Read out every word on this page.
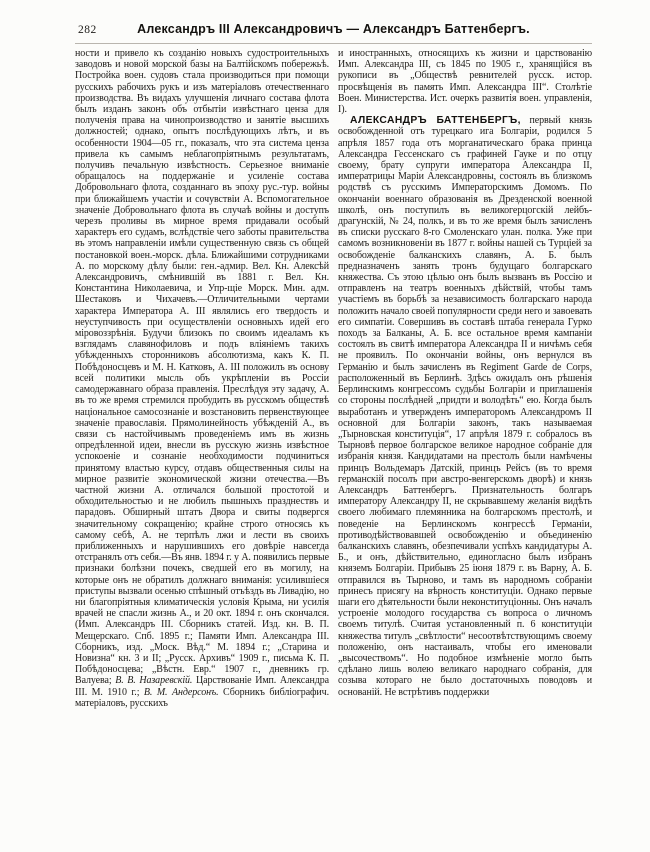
282	Александръ III Александровичъ — Александръ Баттенбергъ.

ности и привело къ созданію новыхъ судостроительныхъ заводовъ и новой морской базы на Балтійскомъ побережьѣ. Постройка воен. судовъ стала производиться при помощи русскихъ рабочихъ рукъ и изъ матеріаловъ отечественнаго производства. Въ видахъ улучшенія личнаго состава флота былъ изданъ законъ объ отбытіи извѣстнаго ценза для полученія права на чинопроизводство и занятіе высшихъ должностей; однако, опытъ послѣдующихъ лѣтъ, и въ особенности 1904—05 гг., показалъ, что эта система ценза привела къ самымъ неблагопріятнымъ результатамъ, получивъ печальную извѣстность. Серьезное вниманіе обращалось на поддержаніе и усиленіе состава Добровольнаго флота, созданнаго въ эпоху рус.-тур. войны при ближайшемъ участіи и сочувствіи А. Вспомогательное значеніе Добровольнаго флота въ случаѣ войны и доступъ черезъ проливы въ мирное время придавали особый характеръ его судамъ, вслѣдствіе чего заботы правительства въ этомъ направленіи имѣли существенную связь съ общей постановкой воен.-морск. дѣла. Ближайшими сотрудниками А. по морскому дѣлу были: ген.-адмир. Вел. Кн. Алексѣй Александровичъ, смѣнившій въ 1881 г. Вел. Кн. Константина Николаевича, и Упр-щіе Морск. Мин. адм. Шестаковъ и Чихачевъ.—Отличительными чертами характера Императора А. III являлись его твердость и неуступчивость при осуществленіи основныхъ идей его міровоззрѣнія. Будучи близокъ по своимъ идеаламъ къ взглядамъ славянофиловъ и подъ вліяніемъ такихъ убѣжденныхъ сторонниковъ абсолютизма, какъ К. П. Побѣдоносцевъ и М. Н. Катковъ, А. III положилъ въ основу всей политики мысль объ укрѣпленіи въ Россіи самодержавнаго образа правленія. Преслѣдуя эту задачу, А. въ то же время стремился пробудить въ русскомъ обществѣ національное самосознаніе и возстановить первенствующее значеніе православія. Прямолинейность убѣжденій А., въ связи съ настойчивымъ проведеніемъ имъ въ жизнь опредѣленной идеи, внесли въ русскую жизнь извѣстное успокоеніе и сознаніе необходимости подчиниться принятому властью курсу, отдавъ общественныя силы на мирное развитіе экономической жизни отечества.—Въ частной жизни А. отличался большой простотой и обходительностью и не любилъ пышныхъ празднествъ и парадовъ. Обширный штатъ Двора и свиты подвергся значительному сокращенію; крайне строго относясь къ самому себѣ, А. не терпѣлъ лжи и лести въ своихъ приближенныхъ и нарушившихъ его довѣріе навсегда отстранялъ отъ себя.—Въ янв. 1894 г. у А. появились первые признаки болѣзни почекъ, сведшей его въ могилу, на которые онъ не обратилъ должнаго вниманія: усилившіеся приступы вызвали осенью спѣшный отъѣздъ въ Ливадію, но ни благопріятныя климатическія условія Крыма, ни усилія врачей не спасли жизнь А., и 20 окт. 1894 г. онъ скончался. (Имп. Александръ III. Сборникъ статей. Изд. кн. В. П. Мещерскаго. Спб. 1895 г.; Памяти Имп. Александра III. Сборникъ, изд. „Моск. Вѣд.“ М. 1894 г.; „Старина и Новизна“ кн. 3 и II; „Русск. Архивъ“ 1909 г., письма К. П. Побѣдоносцева; „Вѣстн. Евр.“ 1907 г., дневникъ гр. Валуева; В. В. Назаревскій. Царствованіе Имп. Александра III. М. 1910 г.; В. М. Андерсонъ. Сборникъ библіографич. матеріаловъ, русскихъ

и иностранныхъ, относящихъ къ жизни и царствованію Имп. Александра III, съ 1845 по 1905 г., хранящійся въ рукописи въ „Обществѣ ревнителей русск. истор. просвѣщенія въ память Имп. Александра III“. Столѣтіе Воен. Министерства. Ист. очеркъ развитія воен. управленія, I).

АЛЕКСАНДРЪ БАТТЕНБЕРГЪ, первый князь освобожденной отъ турецкаго ига Болгаріи, родился 5 апрѣля 1857 года отъ морганатическаго брака принца Александра Гессенскаго съ графиней Гауке и по отцу своему, брату супруги императора Александра II, императрицы Маріи Александровны, состоялъ въ близкомъ родствѣ съ русскимъ Императорскимъ Домомъ. По окончаніи военнаго образованія въ Дрезденской военной школѣ, онъ поступилъ въ великогерцогскій лейбъ-драгунскій, № 24, полкъ, и въ то же время былъ зачисленъ въ списки русскаго 8-го Смоленскаго улан. полка. Уже при самомъ возникновеніи въ 1877 г. войны нашей съ Турціей за освобожденіе балканскихъ славянъ, А. Б. былъ предназначенъ занять тронъ будущаго болгарскаго княжества. Съ этою цѣлью онъ былъ вызванъ въ Россію и отправленъ на театръ военныхъ дѣйствій, чтобы тамъ участіемъ въ борьбѣ за независимость болгарскаго народа положить начало своей популярности среди него и завоевать его симпатіи. Совершивъ въ составѣ штаба генерала Гурко походъ за Балканы, А. Б. все остальное время кампаніи состоялъ въ свитѣ императора Александра II и ничѣмъ себя не проявилъ. По окончаніи войны, онъ вернулся въ Германію и былъ зачисленъ въ Regiment Garde de Corps, расположенный въ Берлинѣ. Здѣсь ожидалъ онъ рѣшенія Берлинскимъ конгрессомъ судьбы Болгаріи и приглашенія со стороны послѣдней „придти и володѣть“ ею. Когда былъ выработанъ и утвержденъ императоромъ Александромъ II основной для Болгаріи законъ, такъ называемая „Тырновская конституція“, 17 апрѣля 1879 г. собралось въ Тырновѣ первое болгарское великое народное собраніе для избранія князя. Кандидатами на престолъ были намѣчены принцъ Вольдемаръ Датскій, принцъ Рейсъ (въ то время германскій посолъ при австро-венгерскомъ дворѣ) и князь Александръ Баттенбергъ. Признательность болгаръ императору Александру II, не скрывавшему желанія видѣть своего любимаго племянника на болгарскомъ престолѣ, и поведеніе на Берлинскомъ конгрессѣ Германіи, противодѣйствовавшей освобожденію и объединенію балканскихъ славянъ, обезпечивали успѣхъ кандидатуры А. Б., и онъ, дѣйствительно, единогласно былъ избранъ княземъ Болгаріи. Прибывъ 25 іюня 1879 г. въ Варну, А. Б. отправился въ Тырново, и тамъ въ народномъ собраніи принесъ присягу на вѣрность конституціи. Однако первые шаги его дѣятельности были неконституціонны. Онъ началъ устроеніе молодого государства съ вопроса о личномъ своемъ титулѣ. Считая установленный п. 6 конституціи княжества титулъ „свѣтлости“ несоотвѣтствующимъ своему положенію, онъ настаивалъ, чтобы его именовали „высочествомъ“. Но подобное измѣненіе могло быть сдѣлано лишь волею великаго народнаго собранія, для созыва котораго не было достаточныхъ поводовъ и основаній. Не встрѣтивъ поддержки
